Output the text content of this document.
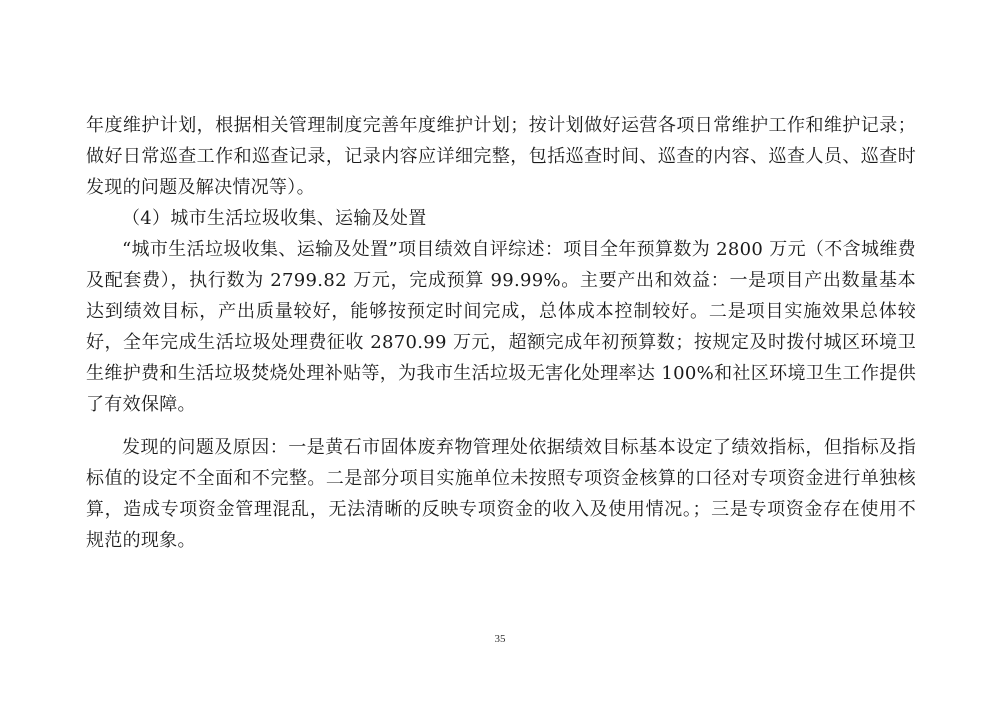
年度维护计划，根据相关管理制度完善年度维护计划；按计划做好运营各项日常维护工作和维护记录；做好日常巡查工作和巡查记录，记录内容应详细完整，包括巡查时间、巡查的内容、巡查人员、巡查时发现的问题及解决情况等）。

（4）城市生活垃圾收集、运输及处置

“城市生活垃圾收集、运输及处置”项目绩效自评综述：项目全年预算数为 2800 万元（不含城维费及配套费），执行数为 2799.82 万元，完成预算 99.99%。主要产出和效益：一是项目产出数量基本达到绩效目标，产出质量较好，能够按预定时间完成，总体成本控制较好。二是项目实施效果总体较好，全年完成生活垃圾处理费征收 2870.99 万元，超额完成年初预算数；按规定及时拨付城区环境卫生维护费和生活垃圾焚烧处理补贴等，为我市生活垃圾无害化处理率达 100%和社区环境卫生工作提供了有效保障。

发现的问题及原因：一是黄石市固体废弃物管理处依据绩效目标基本设定了绩效指标，但指标及指标值的设定不全面和不完整。二是部分项目实施单位未按照专项资金核算的口径对专项资金进行单独核算，造成专项资金管理混乱，无法清晰的反映专项资金的收入及使用情况。；三是专项资金存在使用不规范的现象。

35
